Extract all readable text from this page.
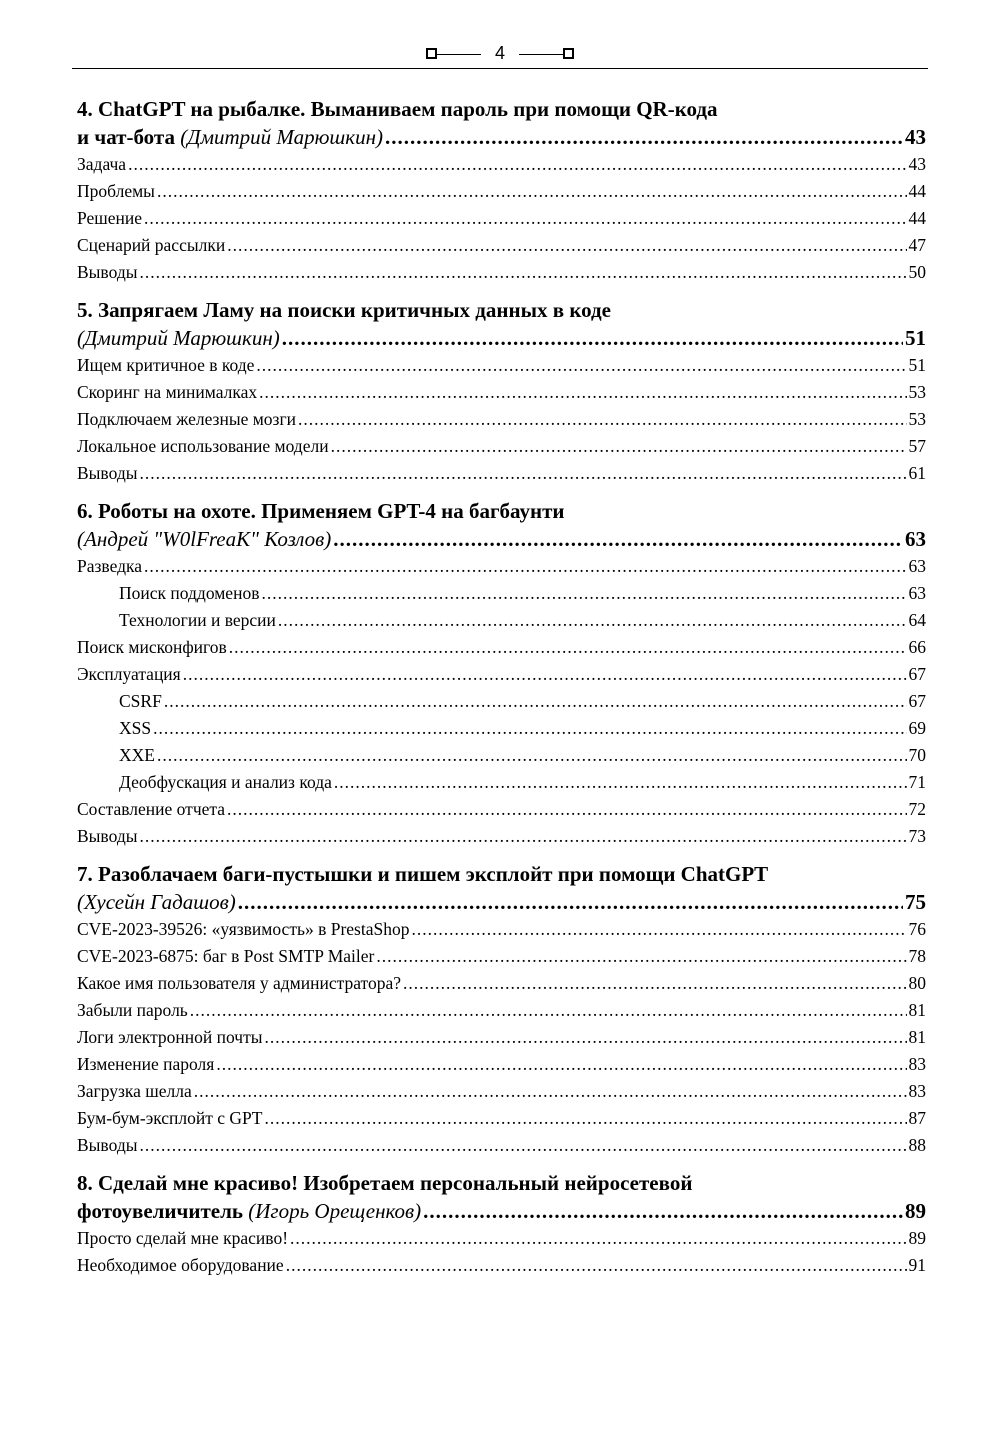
4
4. ChatGPT на рыбалке. Выманиваем пароль при помощи QR-кода
и чат-бота (Дмитрий Марюшкин) .....	43
Задача .....	43
Проблемы .....	44
Решение .....	44
Сценарий рассылки .....	47
Выводы .....	50
5. Запрягаем Ламу на поиски критичных данных в коде
(Дмитрий Марюшкин) .....	51
Ищем критичное в коде .....	51
Скоринг на минималках .....	53
Подключаем железные мозги .....	53
Локальное использование модели .....	57
Выводы .....	61
6. Роботы на охоте. Применяем GPT-4 на багбаунти
(Андрей "W0lFreaK" Козлов) .....	63
Разведка .....	63
Поиск поддоменов .....	63
Технологии и версии .....	64
Поиск мисконфигов .....	66
Эксплуатация .....	67
CSRF .....	67
XSS .....	69
XXE .....	70
Деобфускация и анализ кода .....	71
Составление отчета .....	72
Выводы .....	73
7. Разоблачаем баги-пустышки и пишем эксплойт при помощи ChatGPT
(Хусейн Гадашов) .....	75
CVE-2023-39526: «уязвимость» в PrestaShop .....	76
CVE-2023-6875: баг в Post SMTP Mailer .....	78
Какое имя пользователя у администратора? .....	80
Забыли пароль .....	81
Логи электронной почты .....	81
Изменение пароля .....	83
Загрузка шелла .....	83
Бум-бум-эксплойт с GPT .....	87
Выводы .....	88
8. Сделай мне красиво! Изобретаем персональный нейросетевой
фотоувеличитель (Игорь Орещенков) .....	89
Просто сделай мне красиво! .....	89
Необходимое оборудование .....	91
